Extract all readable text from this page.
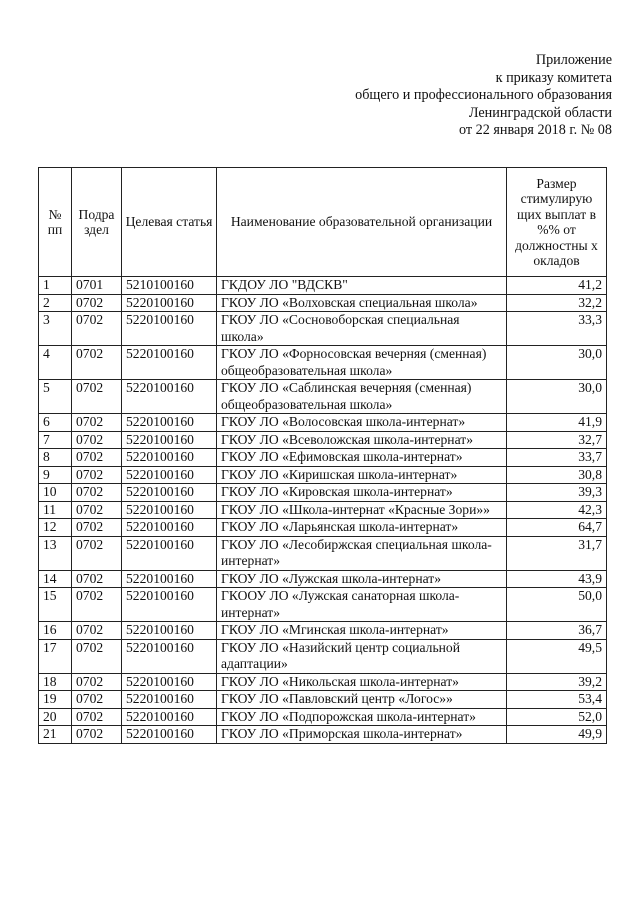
Приложение
к приказу комитета
общего и профессионального образования
Ленинградской области
от 22 января 2018 г. № 08
№ пп	Подра здел	Целевая статья	Наименование образовательной организации	Размер стимулирую щих выплат в %% от должностны х окладов
1	0701	5210100160	ГКДОУ ЛО "ВДСКВ"	41,2
2	0702	5220100160	ГКОУ ЛО «Волховская специальная школа»	32,2
3	0702	5220100160	ГКОУ ЛО «Сосновоборская специальная школа»	33,3
4	0702	5220100160	ГКОУ ЛО «Форносовская вечерняя (сменная) общеобразовательная школа»	30,0
5	0702	5220100160	ГКОУ ЛО «Саблинская вечерняя (сменная) общеобразовательная школа»	30,0
6	0702	5220100160	ГКОУ ЛО «Волосовская школа-интернат»	41,9
7	0702	5220100160	ГКОУ ЛО «Всеволожская школа-интернат»	32,7
8	0702	5220100160	ГКОУ ЛО «Ефимовская школа-интернат»	33,7
9	0702	5220100160	ГКОУ ЛО «Киришская школа-интернат»	30,8
10	0702	5220100160	ГКОУ ЛО «Кировская школа-интернат»	39,3
11	0702	5220100160	ГКОУ ЛО «Школа-интернат «Красные Зори»»	42,3
12	0702	5220100160	ГКОУ ЛО «Ларьянская школа-интернат»	64,7
13	0702	5220100160	ГКОУ ЛО «Лесобиржская специальная школа-интернат»	31,7
14	0702	5220100160	ГКОУ ЛО «Лужская школа-интернат»	43,9
15	0702	5220100160	ГКООУ ЛО «Лужская санаторная школа-интернат»	50,0
16	0702	5220100160	ГКОУ ЛО «Мгинская школа-интернат»	36,7
17	0702	5220100160	ГКОУ ЛО «Назийский центр социальной адаптации»	49,5
18	0702	5220100160	ГКОУ ЛО «Никольская школа-интернат»	39,2
19	0702	5220100160	ГКОУ ЛО «Павловский центр «Логос»»	53,4
20	0702	5220100160	ГКОУ ЛО «Подпорожская школа-интернат»	52,0
21	0702	5220100160	ГКОУ ЛО «Приморская школа-интернат»	49,9
